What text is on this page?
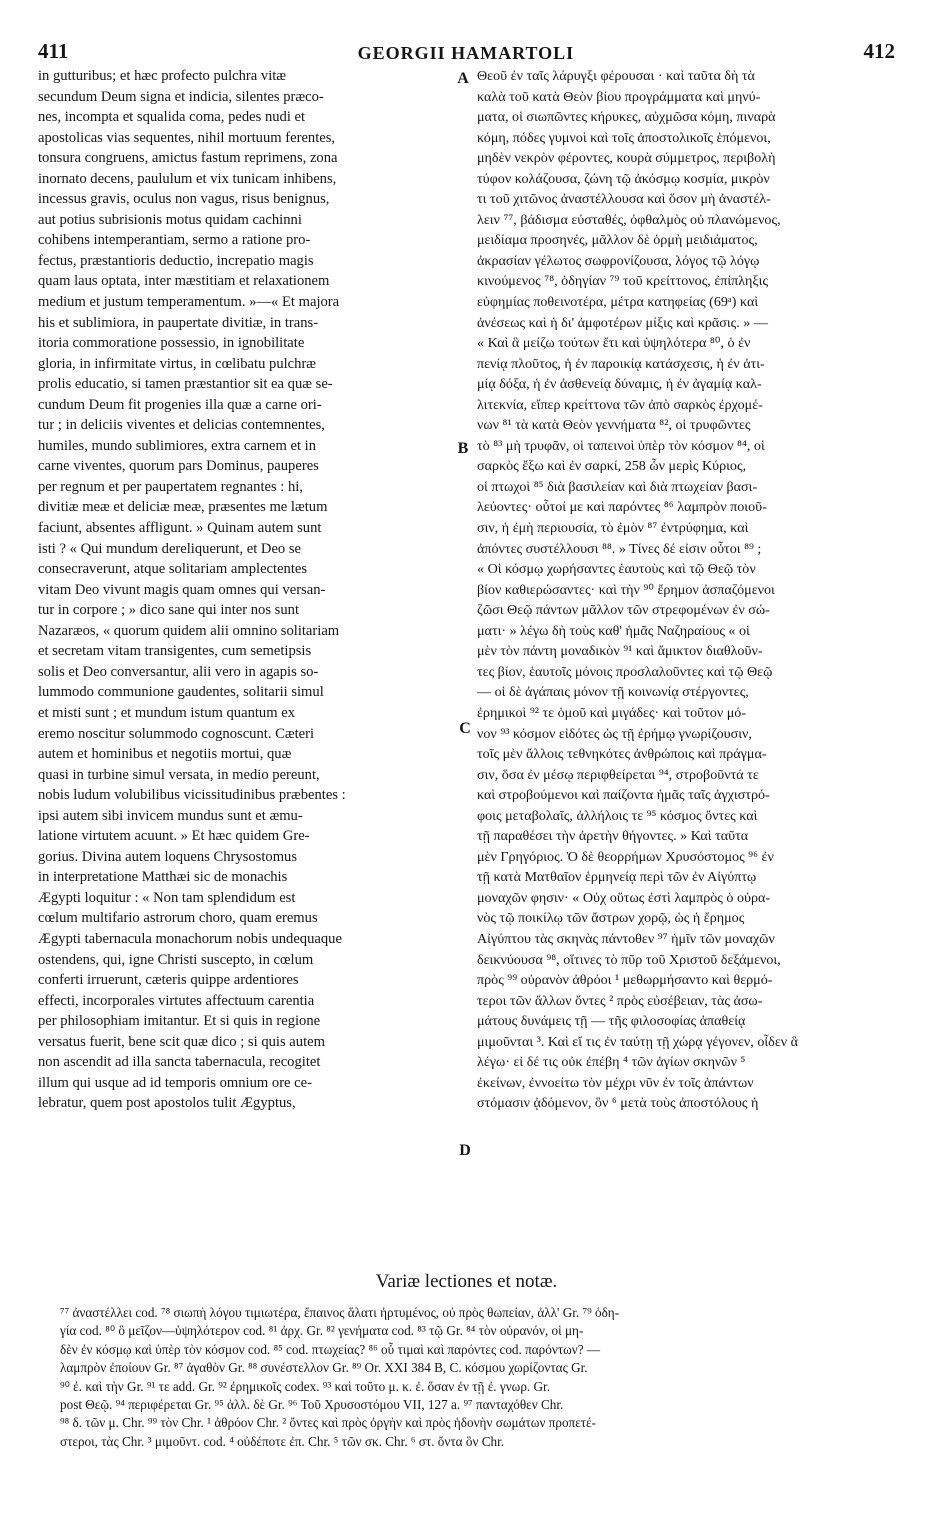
411	GEORGII HAMARTOLI	412
in gutturibus; et hæc profecto pulchra vitæ
secundum Deum signa et indicia, silentes præco-
nes, incompta et squalida coma, pedes nudi et
apostolicas vias sequentes, nihil mortuum ferentes,
tonsura congruens, amictus fastum reprimens, zona
inornato decens, paululum et vix tunicam inhibens,
incessus gravis, oculus non vagus, risus benignus,
aut potius subrisionis motus quidam cachinni
cohibens intemperantiam, sermo a ratione pro-
fectus, præstantioris deductio, increpatio magis
quam laus optata, inter mæstitiam et relaxationem
medium et justum temperamentum. »—« Et majora
his et sublimiora, in paupertate divitiæ, in trans-
itoria commoratione possessio, in ignobilitate
gloria, in infirmitate virtus, in cœlibatu pulchræ
prolis educatio, si tamen præstantior sit ea quæ se-
cundum Deum fit progenies illa quæ a carne ori-
tur ; in deliciis viventes et delicias contemnentes,
humiles, mundo sublimiores, extra carnem et in
carne viventes, quorum pars Dominus, pauperes
per regnum et per paupertatem regnantes : hi,
divitiæ meæ et deliciæ meæ, præsentes me lætum
faciunt, absentes affligunt. » Quinam autem sunt
isti ? « Qui mundum dereliquerunt, et Deo se
consecraverunt, atque solitariam amplectentes
vitam Deo vivunt magis quam omnes qui versan-
tur in corpore ; » dico sane qui inter nos sunt
Nazaræos, « quorum quidem alii omnino solitariam
et secretam vitam transigentes, cum semetipsis
solis et Deo conversantur, alii vero in agapis so-
lummodo communione gaudentes, solitarii simul
et misti sunt ; et mundum istum quantum ex
eremo noscitur solummodo cognoscunt. Cæteri
autem et hominibus et negotiis mortui, quæ
quasi in turbine simul versata, in medio pereunt,
nobis ludum volubilibus vicissitudinibus præbentes :
ipsi autem sibi invicem mundus sunt et æmu-
latione virtutem acuunt. » Et hæc quidem Gre-
gorius. Divina autem loquens Chrysostomus
in interpretatione Matthæi sic de monachis
Ægypti loquitur : « Non tam splendidum est
cœlum multifario astrorum choro, quam eremus
Ægypti tabernacula monachorum nobis undequaque
ostendens, qui, igne Christi suscepto, in cœlum
conferti irruerunt, cæteris quippe ardentiores
effecti, incorporales virtutes affectuum carentia
per philosophiam imitantur. Et si quis in regione
versatus fuerit, bene scit quæ dico ; si quis autem
non ascendit ad illa sancta tabernacula, recogitet
illum qui usque ad id temporis omnium ore ce-
lebratur, quem post apostolos tulit Ægyptus,
Θεοῦ ἐν ταῖς λάρυγξι φέρουσαι · καὶ ταῦτα δὴ τὰ
καλὰ τοῦ κατὰ Θεὸν βίου προγράμματα καὶ μηνύ-
ματα, οἱ σιωπῶντες κήρυκες, αὐχμῶσα κόμη, πιναρὰ
κόμη, πόδες γυμνοὶ καὶ τοῖς ἀποστολικοῖς ἑπόμενοι,
μηδὲν νεκρὸν φέροντες, κουρὰ σύμμετρος, περιβολὴ
τύφον κολάζουσα, ζώνη τῷ ἀκόσμῳ κοσμία, μικρὸν
τι τοῦ χιτῶνος ἀναστέλλουσα καὶ ὅσον μὴ ἀναστέλ-
λειν ⁷⁷, βάδισμα εὐσταθές, ὀφθαλμὸς οὐ πλανώμενος,
μειδίαμα προσηνές, μᾶλλον δὲ ὁρμὴ μειδιάματος,
ἀκρασίαν γέλωτος σωφρονίζουσα, λόγος τῷ λόγῳ
κινούμενος ⁷⁸, ὁδηγίαν ⁷⁹ τοῦ κρείττονος, ἐπίπληξις
εὐφημίας ποθεινοτέρα, μέτρα κατηφείας (69ᵃ) καὶ
ἀνέσεως καὶ ἡ δι' ἀμφοτέρων μίξις καὶ κρᾶσις. » —
« Καὶ ἃ μείζω τούτων ἔτι καὶ ὑψηλότερα ⁸⁰, ὁ ἐν
πενίᾳ πλοῦτος, ἡ ἐν παροικίᾳ κατάσχεσις, ἡ ἐν ἀτι-
μίᾳ δόξα, ἡ ἐν ἀσθενείᾳ δύναμις, ἡ ἐν ἀγαμίᾳ καλ-
λιτεκνία, εἴπερ κρείττονα τῶν ἀπὸ σαρκὸς ἐρχομέ-
νων ⁸¹ τὰ κατὰ Θεὸν γεννήματα ⁸², οἱ τρυφῶντες
τὸ ⁸³ μὴ τρυφᾶν, οἱ ταπεινοὶ ὑπὲρ τὸν κόσμον ⁸⁴, οἱ
σαρκὸς ἔξω καὶ ἐν σαρκί, 258 ὧν μερὶς Κύριος,
οἱ πτωχοὶ ⁸⁵ διὰ βασιλείαν καὶ διὰ πτωχείαν βασι-
λεύοντες· οὗτοί με καὶ παρόντες ⁸⁶ λαμπρὸν ποιοῦ-
σιν, ἡ ἐμὴ περιουσία, τὸ ἐμὸν ⁸⁷ ἐντρύφημα, καὶ
ἀπόντες συστέλλουσι ⁸⁸. » Τίνες δέ εἰσιν οὗτοι ⁸⁹ ;
« Οἱ κόσμῳ χωρήσαντες ἑαυτοὺς καὶ τῷ Θεῷ τὸν
βίον καθιερώσαντες· καὶ τὴν ⁹⁰ ἔρημον ἀσπαζόμενοι
ζῶσι Θεῷ πάντων μᾶλλον τῶν στρεφομένων ἐν σώ-
ματι· » λέγω δὴ τοὺς καθ' ἡμᾶς Ναζηραίους « οἱ
μὲν τὸν πάντη μοναδικὸν ⁹¹ καὶ ἄμικτον διαθλοῦν-
τες βίον, ἑαυτοῖς μόνοις προσλαλοῦντες καὶ τῷ Θεῷ
— οἱ δὲ ἀγάπαις μόνον τῇ κοινωνίᾳ στέργοντες,
ἐρημικοὶ ⁹² τε ὁμοῦ καὶ μιγάδες· καὶ τοῦτον μό-
νον ⁹³ κόσμον εἰδότες ὡς τῇ ἐρήμῳ γνωρίζουσιν,
τοῖς μὲν ἄλλοις τεθνηκότες ἀνθρώποις καὶ πράγμα-
σιν, ὅσα ἐν μέσῳ περιφθείρεται ⁹⁴, στροβοῦντά τε
καὶ στροβούμενοι καὶ παίζοντα ἡμᾶς ταῖς ἀγχιστρό-
φοις μεταβολαῖς, ἀλλήλοις τε ⁹⁵ κόσμος ὄντες καὶ
τῇ παραθέσει τὴν ἀρετὴν θήγοντες. » Καὶ ταῦτα
μὲν Γρηγόριος. Ὁ δὲ θεορρήμων Χρυσόστομος ⁹⁶ ἐν
τῇ κατὰ Ματθαῖον ἑρμηνείᾳ περὶ τῶν ἐν Αἰγύπτῳ
μοναχῶν φησιν· « Οὐχ οὕτως ἐστὶ λαμπρὸς ὁ οὐρα-
νὸς τῷ ποικίλῳ τῶν ἄστρων χορῷ, ὡς ἡ ἔρημος
Αἰγύπτου τὰς σκηνὰς πάντοθεν ⁹⁷ ἡμῖν τῶν μοναχῶν
δεικνύουσα ⁹⁸, οἵτινες τὸ πῦρ τοῦ Χριστοῦ δεξάμενοι,
πρὸς ⁹⁹ οὐρανὸν ἀθρόοι ¹ μεθωρμήσαντο καὶ θερμό-
τεροι τῶν ἄλλων ὄντες ² πρὸς εὐσέβειαν, τὰς ἀσω-
μάτους δυνάμεις τῇ — τῆς φιλοσοφίας ἀπαθείᾳ
μιμοῦνται ³. Καὶ εἴ τις ἐν ταύτῃ τῇ χώρᾳ γέγονεν, οἶδεν ἃ
λέγω· εἰ δέ τις οὐκ ἐπέβη ⁴ τῶν ἁγίων σκηνῶν ⁵
ἐκείνων, ἐννοείτω τὸν μέχρι νῦν ἐν τοῖς ἁπάντων
στόμασιν ᾀδόμενον, ὃν ⁶ μετὰ τοὺς ἀποστόλους ἡ
A
B
C
D
Variæ lectiones et notæ.
⁷⁷ ἀναστέλλει cod. ⁷⁸ σιωπὴ λόγου τιμιωτέρα, ἔπαινος ἅλατι ἠρτυμένος, οὐ πρὸς θωπείαν, ἀλλ' Gr. ⁷⁹ ὁδη-
γία cod. ⁸⁰ ὃ μεῖζον—ὑψηλότερον cod. ⁸¹ ἀρχ. Gr. ⁸² γενήματα cod. ⁸³ τῷ Gr. ⁸⁴ τὸν οὐρανόν, οἱ μη-
δὲν ἐν κόσμῳ καὶ ὑπὲρ τὸν κόσμον cod. ⁸⁵ cod. πτωχείας? ⁸⁶ οὗ τιμαὶ καὶ παρόντες cod. παρόντων? —
λαμπρὸν ἐποίουν Gr. ⁸⁷ ἀγαθὸν Gr. ⁸⁸ συνέστελλον Gr. ⁸⁹ Or. XXI 384 B, C. κόσμου χωρίζοντας Gr.
⁹⁰ ἐ. καὶ τὴν Gr. ⁹¹ τε add. Gr. ⁹² ἐρημικοῖς codex. ⁹³ καὶ τοῦτο μ. κ. ἐ. ὅσαν ἐν τῇ ἐ. γνωρ. Gr.
post Θεῷ. ⁹⁴ περιφέρεται Gr. ⁹⁵ ἀλλ. δὲ Gr. ⁹⁶ Τοῦ Χρυσοστόμου VII, 127 a. ⁹⁷ πανταχόθεν Chr.
⁹⁸ δ. τῶν μ. Chr. ⁹⁹ τὸν Chr. ¹ ἀθρόον Chr. ² ὄντες καὶ πρὸς ὀργὴν καὶ πρὸς ἡδονὴν σωμάτων προπετέ-
στεροι, τὰς Chr. ³ μιμοῦντ. cod. ⁴ οὐδέποτε ἐπ. Chr. ⁵ τῶν σκ. Chr. ⁶ στ. ὄντα ὃν Chr.
